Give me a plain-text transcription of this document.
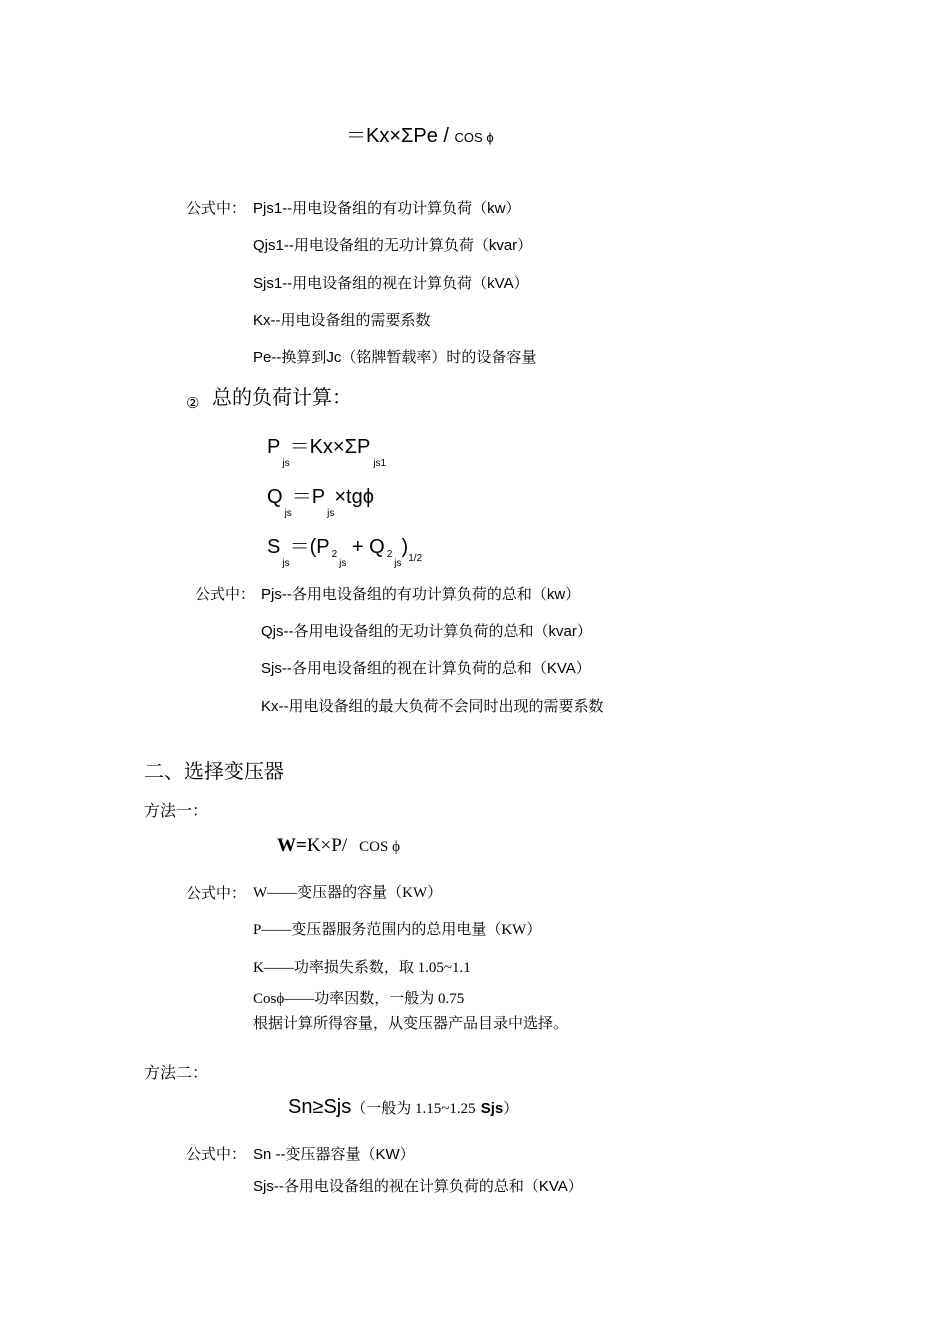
＝Kx×ΣPe / COS ϕ
公式中： Pjs1--用电设备组的有功计算负荷（kw）
Qjs1--用电设备组的无功计算负荷（kvar）
Sjs1--用电设备组的视在计算负荷（kVA）
Kx--用电设备组的需要系数
Pe--换算到Jc（铭牌暂载率）时的设备容量
② 总的负荷计算：
$P_{js}=Kx\times\Sigma P_{js1}$
$Q_{js}=P_{js}\times tg\phi$
$S_{js}=(P$ $_{2js}$ + Q $_{2js})_{1/2}$
公式中： Pjs--各用电设备组的有功计算负荷的总和（kw）
Qjs--各用电设备组的无功计算负荷的总和（kvar）
Sjs--各用电设备组的视在计算负荷的总和（KVA）
Kx--用电设备组的最大负荷不会同时出现的需要系数
二、选择变压器
方法一：
W=K×P/ COS ϕ
公式中： W——变压器的容量（KW）
P——变压器服务范围内的总用电量（KW）
K——功率损失系数，取 1.05~1.1
Cosϕ——功率因数，一般为 0.75
根据计算所得容量，从变压器产品目录中选择。
方法二：
Sn≥Sjs（一般为 1.15~1.25 Sjs）
公式中： Sn --变压器容量（KW）
Sjs--各用电设备组的视在计算负荷的总和（KVA）
